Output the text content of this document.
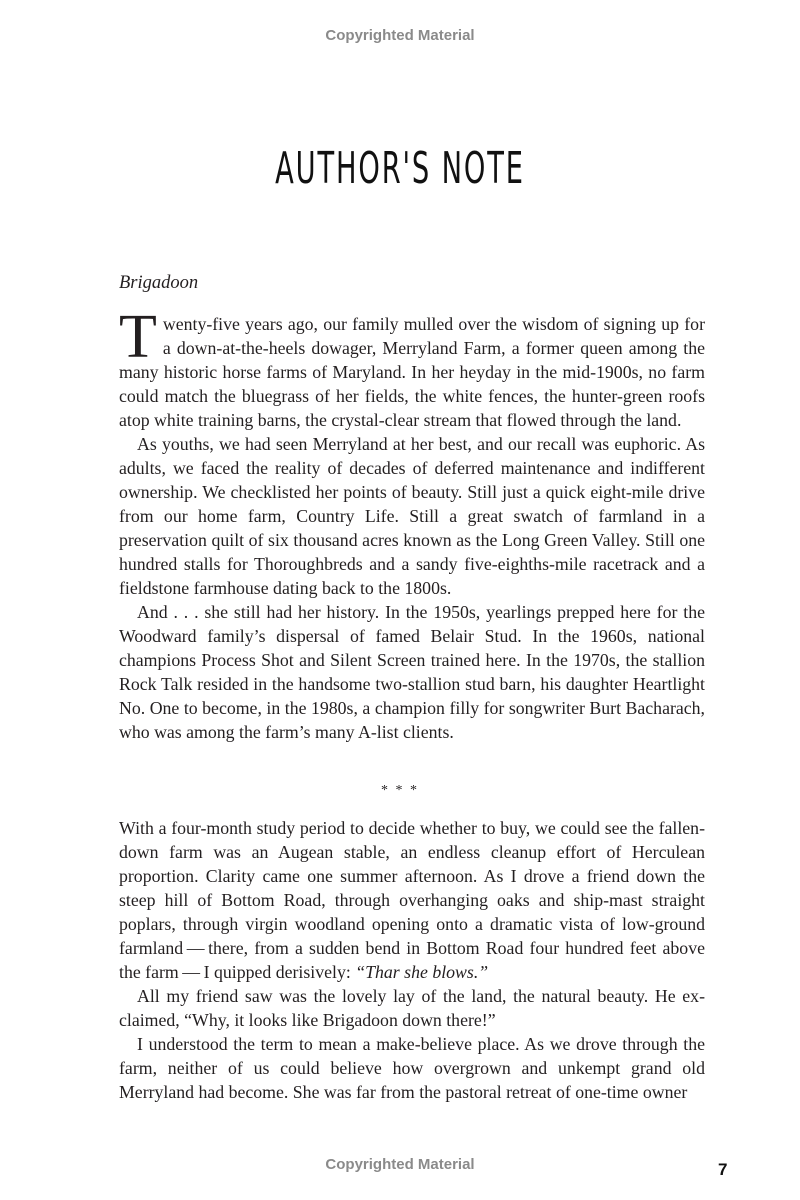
Copyrighted Material
AUTHOR'S NOTE
Brigadoon

Twenty-five years ago, our family mulled over the wisdom of signing up for a down-at-the-heels dowager, Merryland Farm, a former queen among the many historic horse farms of Maryland. In her heyday in the mid-1900s, no farm could match the bluegrass of her fields, the white fences, the hunter-green roofs atop white training barns, the crystal-clear stream that flowed through the land.

As youths, we had seen Merryland at her best, and our recall was euphoric. As adults, we faced the reality of decades of deferred maintenance and indifferent ownership. We checklisted her points of beauty. Still just a quick eight-mile drive from our home farm, Country Life. Still a great swatch of farmland in a preservation quilt of six thousand acres known as the Long Green Valley. Still one hundred stalls for Thoroughbreds and a sandy five-eighths-mile racetrack and a fieldstone farmhouse dating back to the 1800s.

And . . . she still had her history. In the 1950s, yearlings prepped here for the Woodward family’s dispersal of famed Belair Stud. In the 1960s, national champions Process Shot and Silent Screen trained here. In the 1970s, the stallion Rock Talk resided in the handsome two-stallion stud barn, his daughter Heartlight No. One to become, in the 1980s, a champion filly for songwriter Burt Bacharach, who was among the farm’s many A-list clients.

* * *

With a four-month study period to decide whether to buy, we could see the fallen-down farm was an Augean stable, an endless cleanup effort of Herculean proportion. Clarity came one summer afternoon. As I drove a friend down the steep hill of Bottom Road, through overhanging oaks and ship-mast straight poplars, through virgin woodland opening onto a dramatic vista of low-ground farmland — there, from a sudden bend in Bottom Road four hundred feet above the farm — I quipped derisively: “Thar she blows.”

All my friend saw was the lovely lay of the land, the natural beauty. He exclaimed, “Why, it looks like Brigadoon down there!”

I understood the term to mean a make-believe place. As we drove through the farm, neither of us could believe how overgrown and unkempt grand old Merryland had become. She was far from the pastoral retreat of one-time owner

7
Copyrighted Material
